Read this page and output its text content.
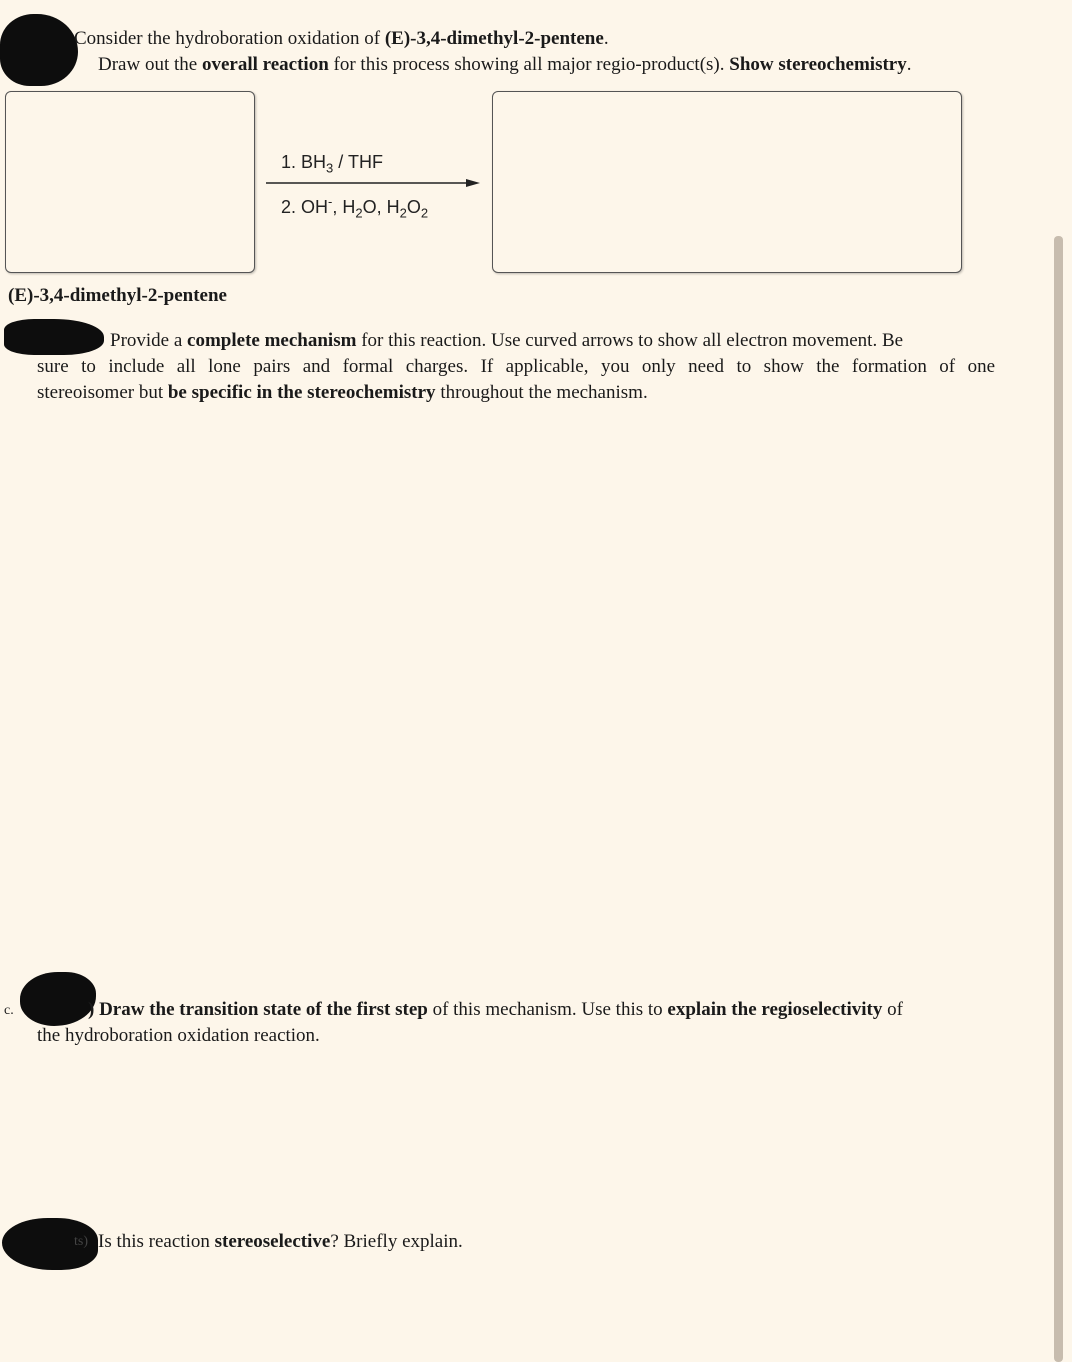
Consider the hydroboration oxidation of (E)-3,4-dimethyl-2-pentene.
Draw out the overall reaction for this process showing all major regio-product(s). Show stereochemistry.
1. $BH_3$ / THF
2. OH-, $H_2O$, $H_2O_2$
(E)-3,4-dimethyl-2-pentene
Provide a complete mechanism for this reaction. Use curved arrows to show all electron movement. Be
sure to include all lone pairs and formal charges. If applicable, you only need to show the formation of one
stereoisomer but be specific in the stereochemistry throughout the mechanism.
c.	) Draw the transition state of the first step of this mechanism. Use this to explain the regioselectivity of
the hydroboration oxidation reaction.
ts) Is this reaction stereoselective? Briefly explain.
